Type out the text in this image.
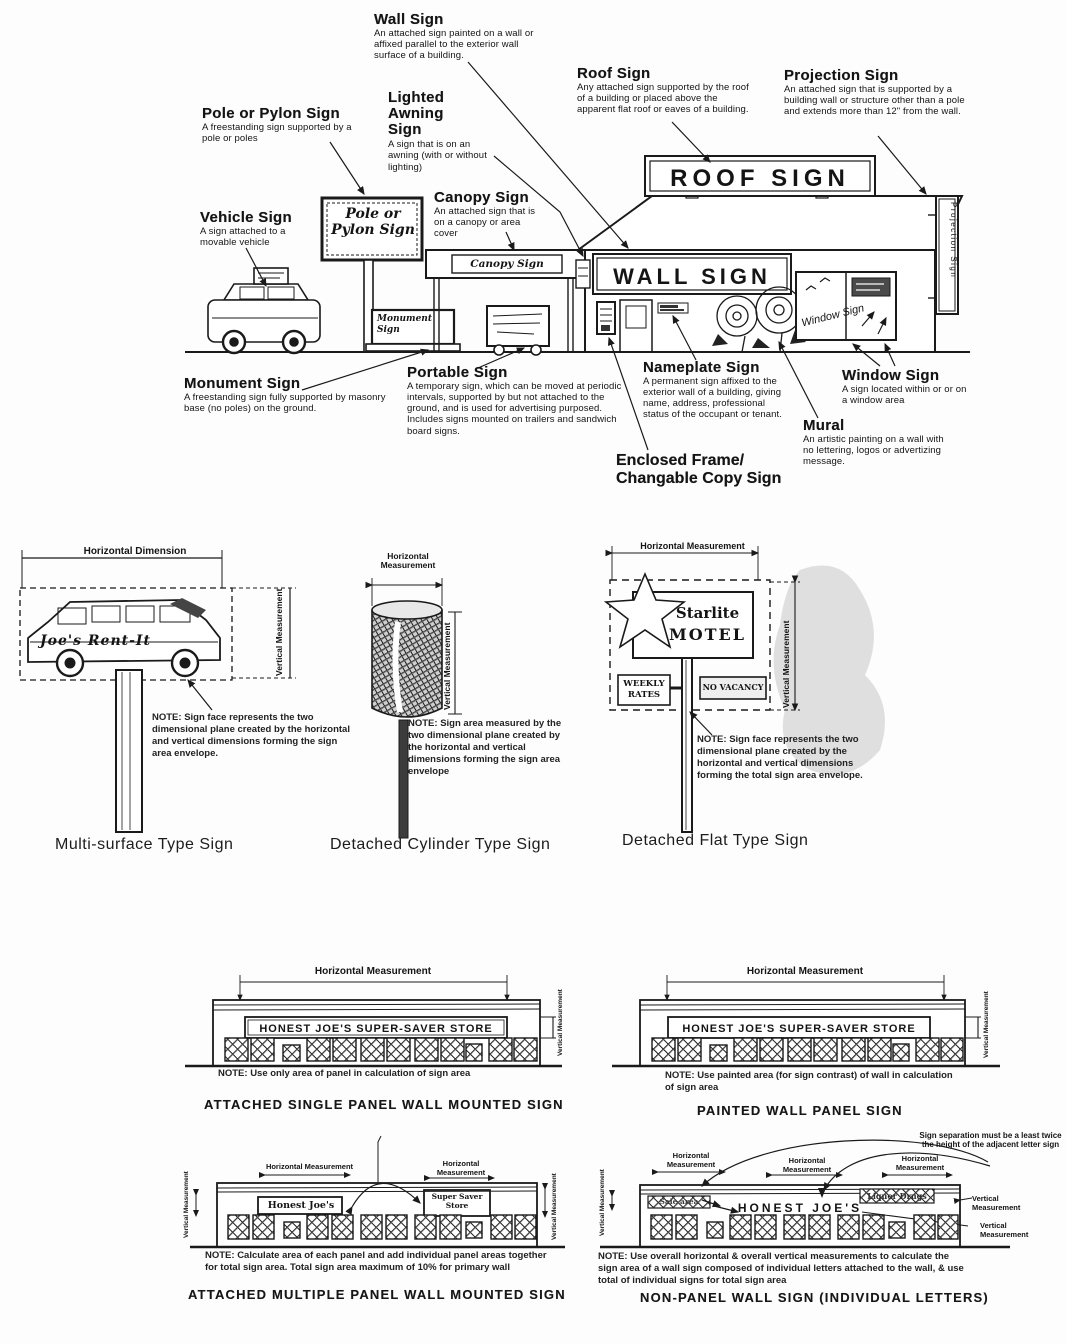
ROOF SIGN
WALL SIGN
Window Sign
Projection Sign
Pole or Pylon Sign
Canopy Sign
Monument Sign
Wall Sign
An attached sign painted on a wall or affixed parallel to the exterior wall surface of a building.
Roof Sign
Any attached sign supported by the roof of a building or placed above the apparent flat roof or eaves of a building.
Projection Sign
An attached sign that is supported by a building wall or structure other than a pole and extends more than 12" from the wall.
Pole or Pylon Sign
A freestanding sign supported by a pole or poles
Lighted Awning Sign
A sign that is on an awning (with or without lighting)
Canopy Sign
An attached sign that is on a canopy or area cover
Vehicle Sign
A sign attached to a movable vehicle
Monument Sign
A freestanding sign fully supported by masonry base (no poles) on the ground.
Portable Sign
A temporary sign, which can be moved at periodic intervals, supported by but not attached to the ground, and is used for advertising purposed. Includes signs mounted on trailers and sandwich board signs.
Nameplate Sign
A permanent sign affixed to the exterior wall of a building, giving name, address, professional status of the occupant or tenant.
Window Sign
A sign located within or or on a window area
Mural
An artistic painting on a wall with no lettering, logos or advertizing message.
Enclosed Frame/ Changable Copy Sign
Vertical Measurement	Vertical Measurement	Vertical Measurement
Horizontal Dimension
NOTE: Sign face represents the two dimensional plane created by the horizontal and vertical dimensions forming the sign area envelope.
Multi-surface Type Sign
Horizontal Measurement
NOTE: Sign area measured by the two dimensional plane created by the horizontal and vertical dimensions forming the sign area envelope
Detached Cylinder Type Sign
Horizontal Measurement
Starlite
MOTEL
WEEKLY RATES
NO VACANCY
NOTE: Sign face represents the two dimensional plane created by the horizontal and vertical dimensions forming the total sign area envelope.
Detached Flat Type Sign
Vertical Measurement
HONEST JOE'S SUPER-SAVER STORE	Vertical Measurement
HONEST JOE'S SUPER-SAVER STORE
Vertical Measurement	Vertical Measurement	Vertical Measurement	HONEST JOE'S
Horizontal Measurement
NOTE: Use only area of panel in calculation of sign area
ATTACHED SINGLE PANEL WALL MOUNTED SIGN
Horizontal Measurement
NOTE: Use painted area (for sign contrast) of wall in calculation of sign area
PAINTED WALL PANEL SIGN
Horizontal Measurement	Horizontal Measurement
Honest Joe's
Super Saver Store
NOTE: Calculate area of each panel and add individual panel areas together for total sign area. Total sign area maximum of 10% for primary wall
ATTACHED MULTIPLE PANEL WALL MOUNTED SIGN
Sign separation must be a least twice the height of the adjacent letter sign
Horizontal Measurement	Horizontal Measurement
Horizontal Measurement
Sale area
Liquor Drugs	Vertical Measurement
Vertical Measurement
NOTE: Use overall horizontal & overall vertical measurements to calculate the sign area of a wall sign composed of individual letters attached to the wall, & use total of individual signs for total sign area
NON-PANEL WALL SIGN (INDIVIDUAL LETTERS)
Joe's Rent-It
